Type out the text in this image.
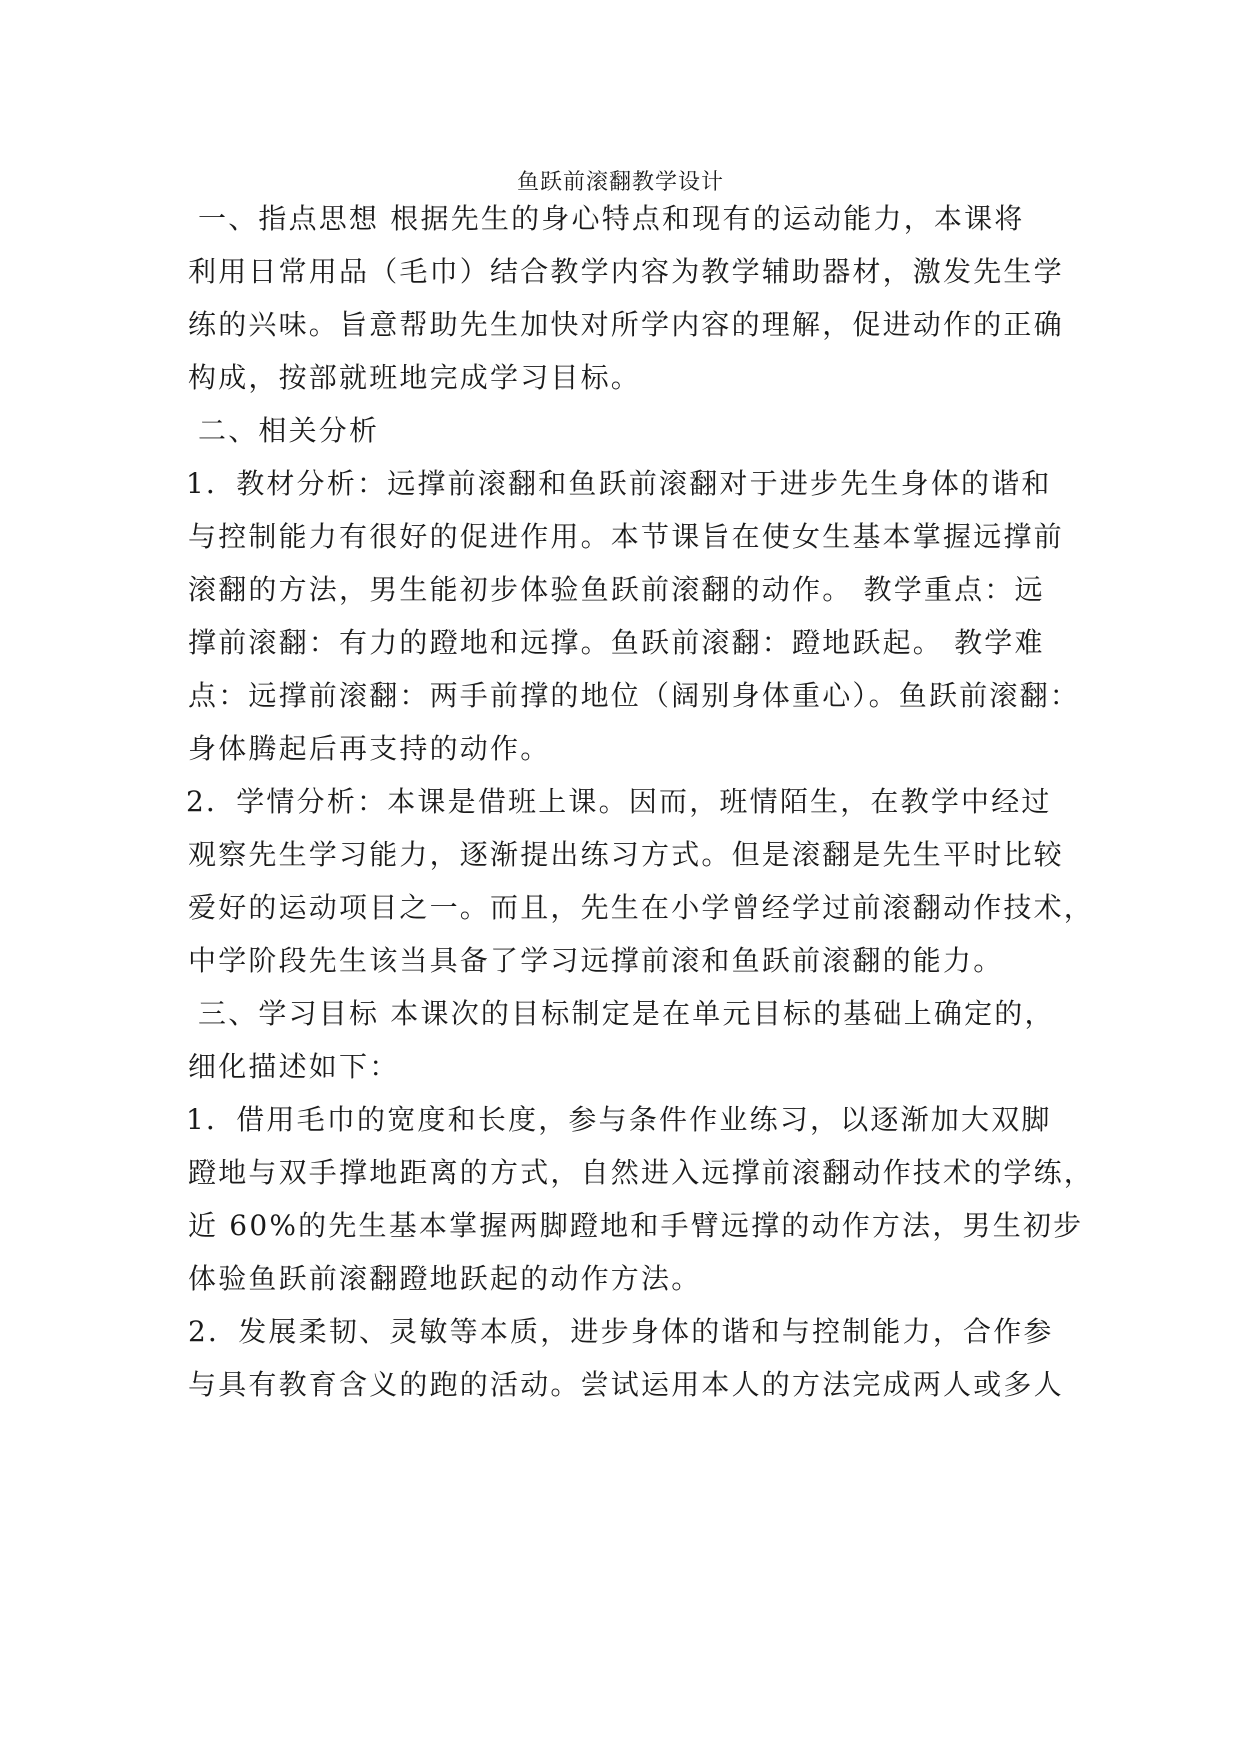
鱼跃前滚翻教学设计
一、指点思想 根据先生的身心特点和现有的运动能力，本课将
利用日常用品（毛巾）结合教学内容为教学辅助器材，激发先生学
练的兴味。旨意帮助先生加快对所学内容的理解，促进动作的正确
构成，按部就班地完成学习目标。
二、相关分析
1．教材分析：远撑前滚翻和鱼跃前滚翻对于进步先生身体的谐和
与控制能力有很好的促进作用。本节课旨在使女生基本掌握远撑前
滚翻的方法，男生能初步体验鱼跃前滚翻的动作。 教学重点：远
撑前滚翻：有力的蹬地和远撑。鱼跃前滚翻：蹬地跃起。 教学难
点：远撑前滚翻：两手前撑的地位（阔别身体重心）。鱼跃前滚翻：
身体腾起后再支持的动作。
2．学情分析：本课是借班上课。因而，班情陌生，在教学中经过
观察先生学习能力，逐渐提出练习方式。但是滚翻是先生平时比较
爱好的运动项目之一。而且，先生在小学曾经学过前滚翻动作技术，
中学阶段先生该当具备了学习远撑前滚和鱼跃前滚翻的能力。
三、学习目标 本课次的目标制定是在单元目标的基础上确定的，
细化描述如下：
1．借用毛巾的宽度和长度，参与条件作业练习，以逐渐加大双脚
蹬地与双手撑地距离的方式，自然进入远撑前滚翻动作技术的学练，
近 60%的先生基本掌握两脚蹬地和手臂远撑的动作方法，男生初步
体验鱼跃前滚翻蹬地跃起的动作方法。
2．发展柔韧、灵敏等本质，进步身体的谐和与控制能力，合作参
与具有教育含义的跑的活动。尝试运用本人的方法完成两人或多人
